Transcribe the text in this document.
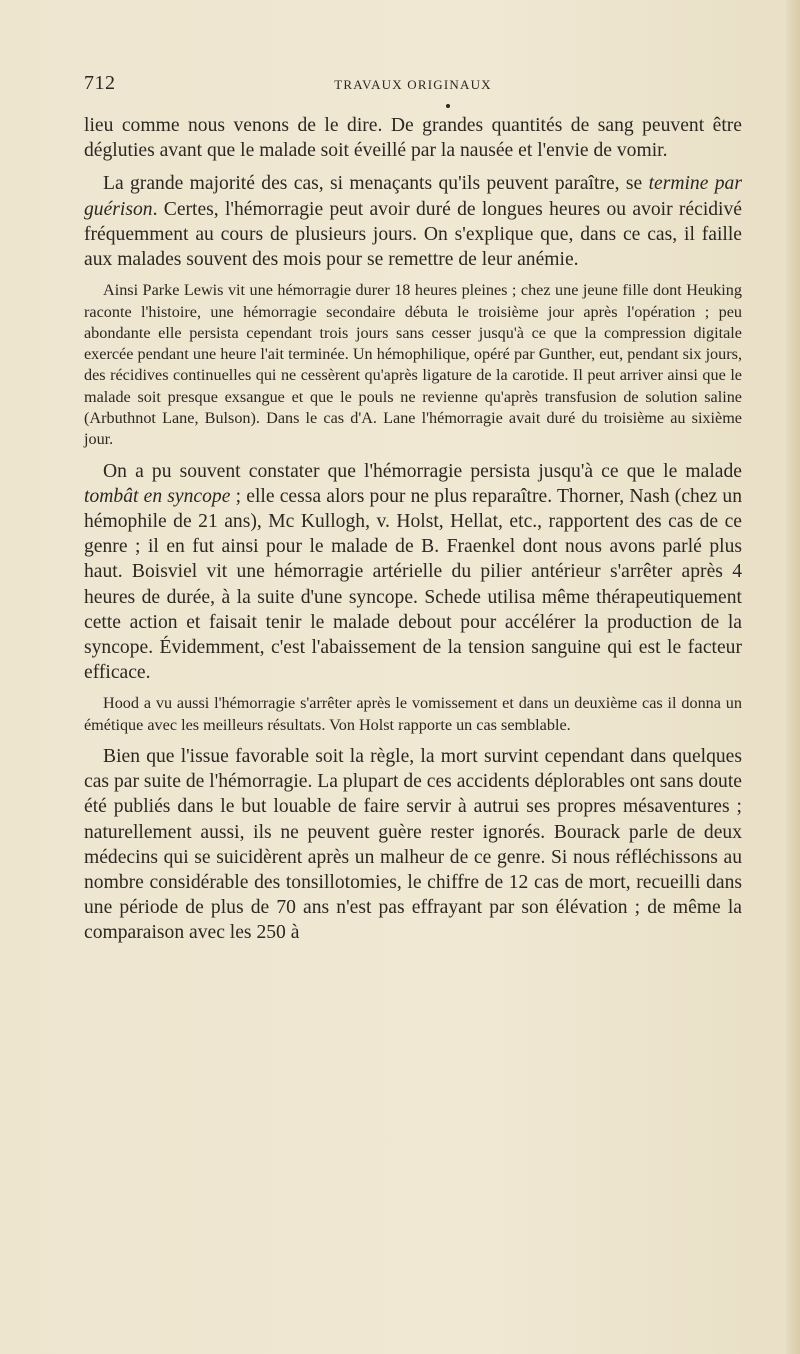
712	TRAVAUX ORIGINAUX

lieu comme nous venons de le dire. De grandes quantités de sang peuvent être dégluties avant que le malade soit éveillé par la nausée et l'envie de vomir.

La grande majorité des cas, si menaçants qu'ils peuvent paraître, se termine par guérison. Certes, l'hémorragie peut avoir duré de longues heures ou avoir récidivé fréquemment au cours de plusieurs jours. On s'explique que, dans ce cas, il faille aux malades souvent des mois pour se remettre de leur anémie.

Ainsi Parke Lewis vit une hémorragie durer 18 heures pleines ; chez une jeune fille dont Heuking raconte l'histoire, une hémorragie secondaire débuta le troisième jour après l'opération ; peu abondante elle persista cependant trois jours sans cesser jusqu'à ce que la compression digitale exercée pendant une heure l'ait terminée. Un hémophilique, opéré par Gunther, eut, pendant six jours, des récidives continuelles qui ne cessèrent qu'après ligature de la carotide. Il peut arriver ainsi que le malade soit presque exsangue et que le pouls ne revienne qu'après transfusion de solution saline (Arbuthnot Lane, Bulson). Dans le cas d'A. Lane l'hémorragie avait duré du troisième au sixième jour.

On a pu souvent constater que l'hémorragie persista jusqu'à ce que le malade tombât en syncope ; elle cessa alors pour ne plus reparaître. Thorner, Nash (chez un hémophile de 21 ans), Mc Kullogh, v. Holst, Hellat, etc., rapportent des cas de ce genre ; il en fut ainsi pour le malade de B. Fraenkel dont nous avons parlé plus haut. Boisviel vit une hémorragie artérielle du pilier antérieur s'arrêter après 4 heures de durée, à la suite d'une syncope. Schede utilisa même thérapeutiquement cette action et faisait tenir le malade debout pour accélérer la production de la syncope. Évidemment, c'est l'abaissement de la tension sanguine qui est le facteur efficace.

Hood a vu aussi l'hémorragie s'arrêter après le vomissement et dans un deuxième cas il donna un émétique avec les meilleurs résultats. Von Holst rapporte un cas semblable.

Bien que l'issue favorable soit la règle, la mort survint cependant dans quelques cas par suite de l'hémorragie. La plupart de ces accidents déplorables ont sans doute été publiés dans le but louable de faire servir à autrui ses propres mésaventures ; naturellement aussi, ils ne peuvent guère rester ignorés. Bourack parle de deux médecins qui se suicidèrent après un malheur de ce genre. Si nous réfléchissons au nombre considérable des tonsillotomies, le chiffre de 12 cas de mort, recueilli dans une période de plus de 70 ans n'est pas effrayant par son élévation ; de même la comparaison avec les 250 à
